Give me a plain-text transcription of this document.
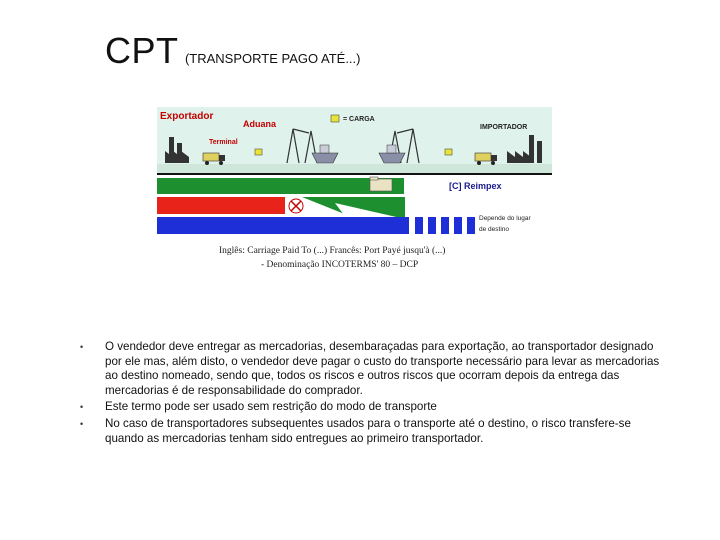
CPT (TRANSPORTE PAGO ATÉ...)
Exportador
Aduana	= CARGA
IMPORTADOR
Terminal
[C] Reimpex
Depende do lugar
de destino
Inglês: Carriage Paid To (...) Francês: Port Payé jusqu'à (...)
- Denominação INCOTERMS' 80 – DCP
• O vendedor deve entregar as mercadorias, desembaraçadas para exportação, ao transportador designado por ele mas, além disto, o vendedor deve pagar o custo do transporte necessário para levar as mercadorias ao destino nomeado, sendo que, todos os riscos e outros riscos que ocorram depois da entrega das mercadorias é de responsabilidade do comprador.
• Este termo pode ser usado sem restrição do modo de transporte
• No caso de transportadores subsequentes usados para o transporte até o destino, o risco transfere-se quando as mercadorias tenham sido entregues ao primeiro transportador.
